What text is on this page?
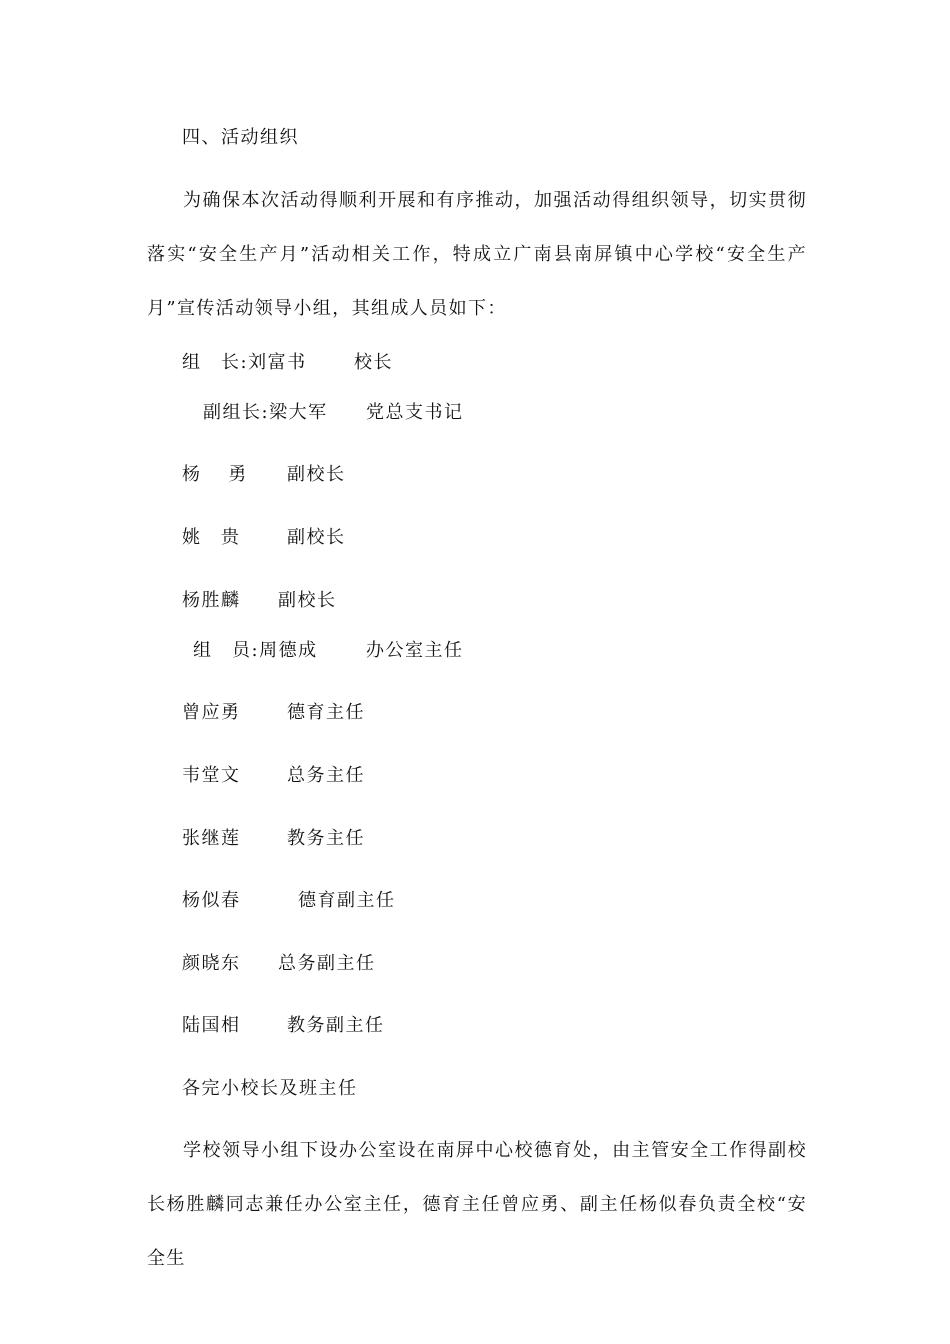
四、活动组织
为确保本次活动得顺利开展和有序推动，加强活动得组织领导，切实贯彻落实“安全生产月”活动相关工作，特成立广南县南屏镇中心学校“安全生产月”宣传活动领导小组，其组成人员如下：
组　长:刘富书	校长
副组长:梁大军 党总支书记
杨　 勇 副校长
姚　贵	副校长
杨胜麟 副校长
组　员:周德成	办公室主任
曾应勇	德育主任
韦堂文	总务主任
张继莲	教务主任
杨似春	德育副主任
颜晓东 总务副主任
陆国相	教务副主任
各完小校长及班主任
学校领导小组下设办公室设在南屏中心校德育处，由主管安全工作得副校长杨胜麟同志兼任办公室主任，德育主任曾应勇、副主任杨似春负责全校“安全生
